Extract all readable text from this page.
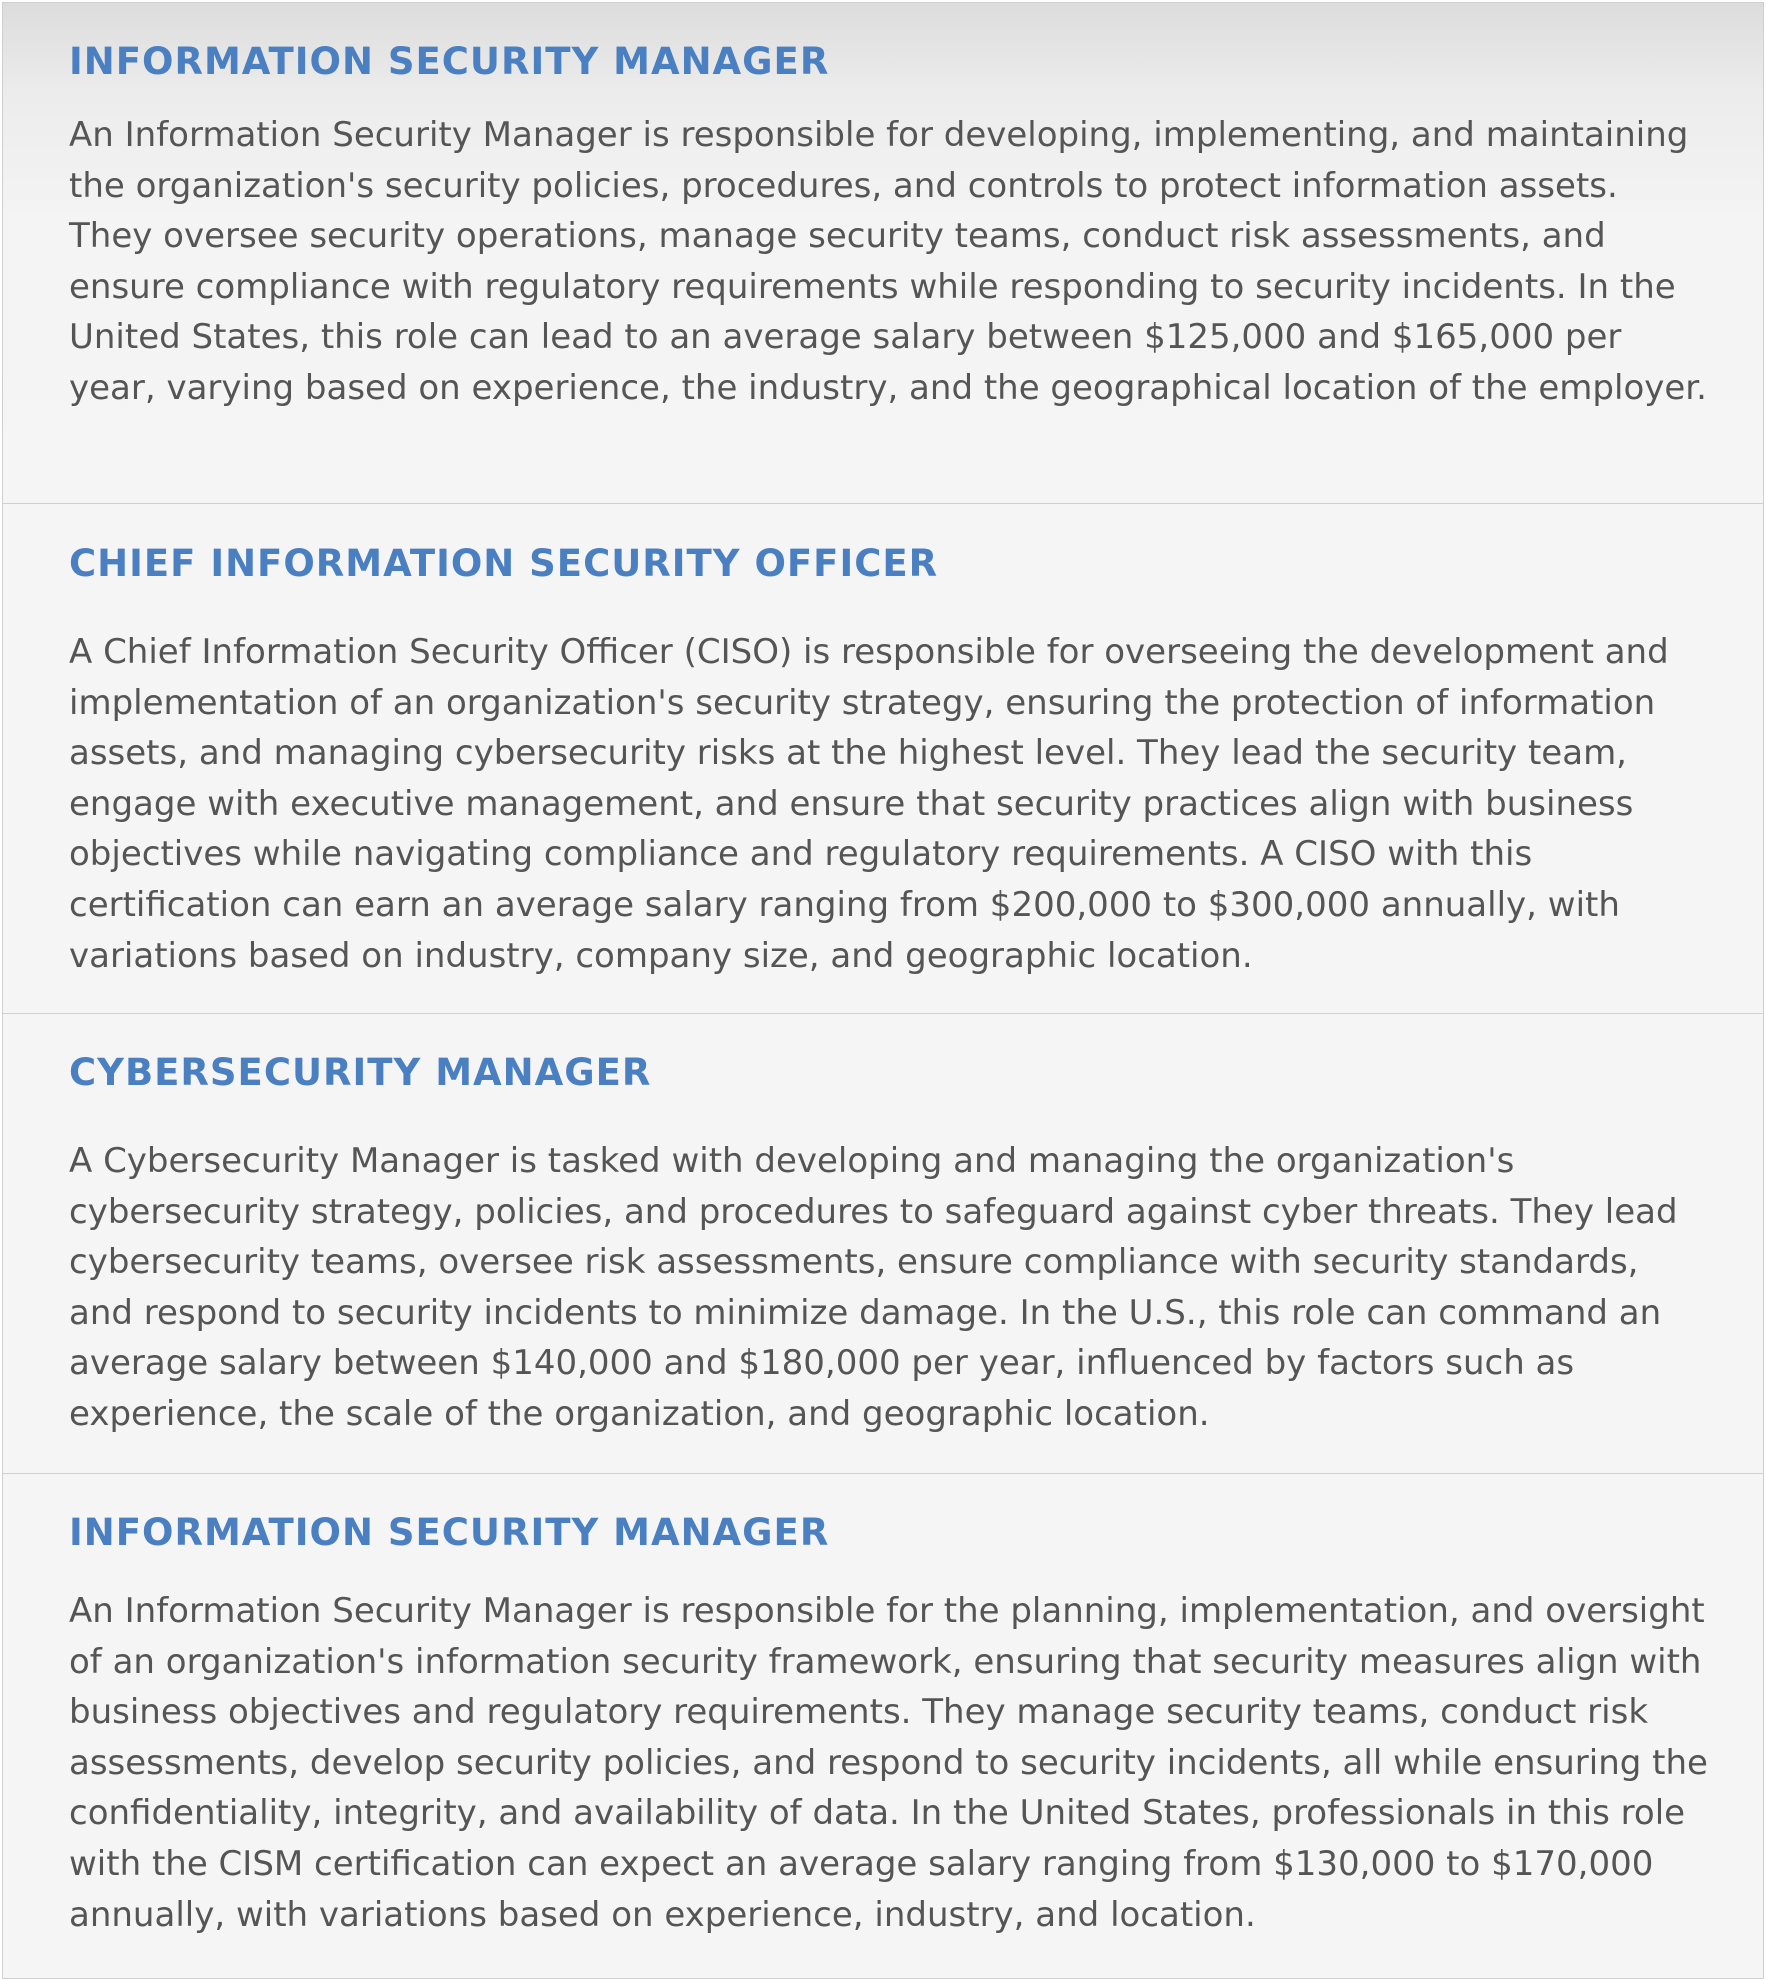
INFORMATION SECURITY MANAGER

An Information Security Manager is responsible for developing, implementing, and maintaining the organization's security policies, procedures, and controls to protect information assets. They oversee security operations, manage security teams, conduct risk assessments, and ensure compliance with regulatory requirements while responding to security incidents. In the United States, this role can lead to an average salary between $125,000 and $165,000 per year, varying based on experience, the industry, and the geographical location of the employer.

CHIEF INFORMATION SECURITY OFFICER

A Chief Information Security Officer (CISO) is responsible for overseeing the development and implementation of an organization's security strategy, ensuring the protection of information assets, and managing cybersecurity risks at the highest level. They lead the security team, engage with executive management, and ensure that security practices align with business objectives while navigating compliance and regulatory requirements. A CISO with this certification can earn an average salary ranging from $200,000 to $300,000 annually, with variations based on industry, company size, and geographic location.

CYBERSECURITY MANAGER

A Cybersecurity Manager is tasked with developing and managing the organization's cybersecurity strategy, policies, and procedures to safeguard against cyber threats. They lead cybersecurity teams, oversee risk assessments, ensure compliance with security standards, and respond to security incidents to minimize damage. In the U.S., this role can command an average salary between $140,000 and $180,000 per year, influenced by factors such as experience, the scale of the organization, and geographic location.

INFORMATION SECURITY MANAGER

An Information Security Manager is responsible for the planning, implementation, and oversight of an organization's information security framework, ensuring that security measures align with business objectives and regulatory requirements. They manage security teams, conduct risk assessments, develop security policies, and respond to security incidents, all while ensuring the confidentiality, integrity, and availability of data. In the United States, professionals in this role with the CISM certification can expect an average salary ranging from $130,000 to $170,000 annually, with variations based on experience, industry, and location.
